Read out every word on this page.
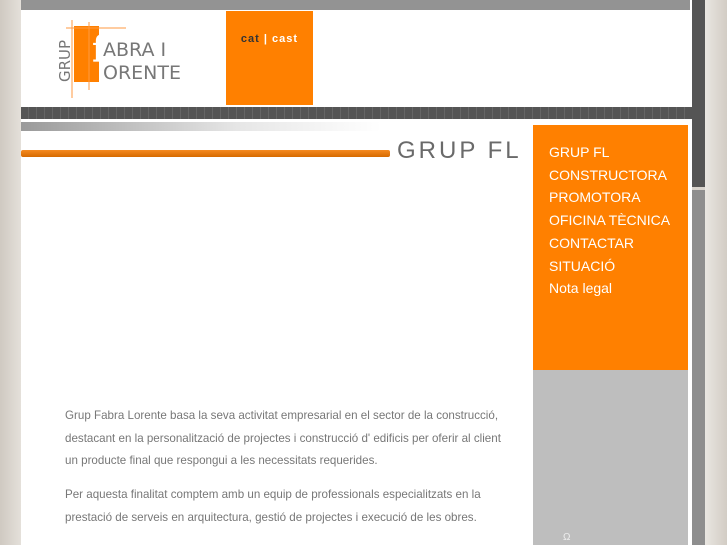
f
GRUP ABRA I
ORENTE
cat | cast
GRUP FL	GRUP FL
CONSTRUCTORA
PROMOTORA
OFICINA TÈCNICA
CONTACTAR
SITUACIÓ
Nota legal
Ω

Grup Fabra Lorente basa la seva activitat empresarial en el sector de la construcció, destacant en la personalització de projectes i construcció d' edificis per oferir al client un producte final que respongui a les necessitats requerides.

Per aquesta finalitat comptem amb un equip de professionals especialitzats en la prestació de serveis en arquitectura, gestió de projectes i execució de les obres.
